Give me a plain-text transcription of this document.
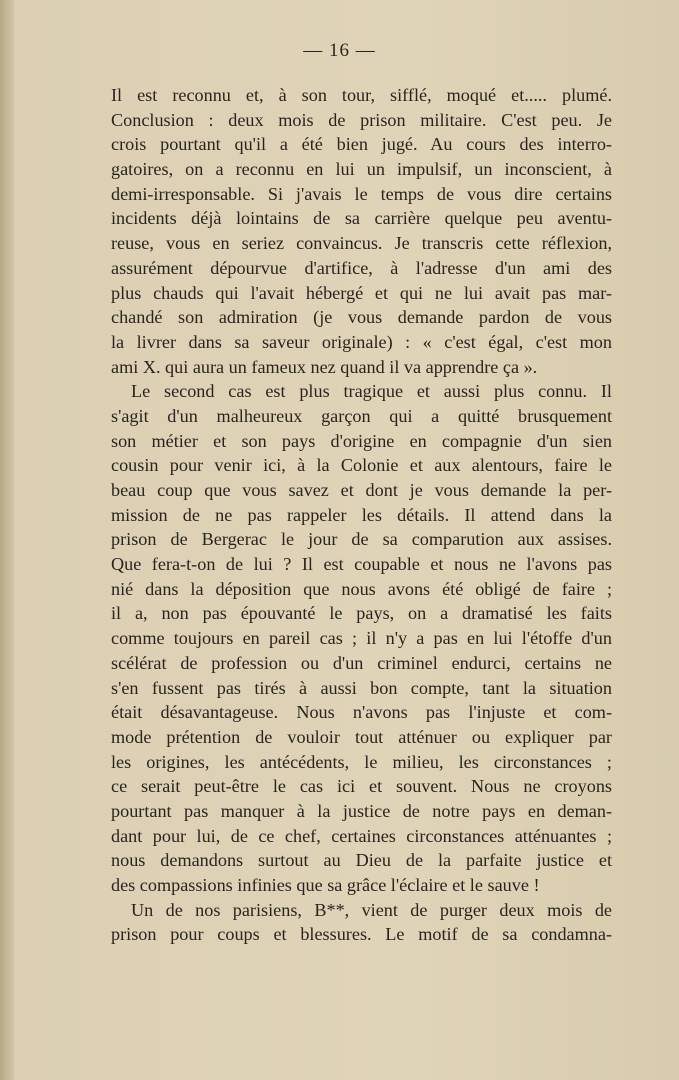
— 16 —
Il est reconnu et, à son tour, sifflé, moqué et..... plumé.
Conclusion : deux mois de prison militaire. C'est peu. Je
crois pourtant qu'il a été bien jugé. Au cours des interro-
gatoires, on a reconnu en lui un impulsif, un inconscient, à
demi-irresponsable. Si j'avais le temps de vous dire certains
incidents déjà lointains de sa carrière quelque peu aventu-
reuse, vous en seriez convaincus. Je transcris cette réflexion,
assurément dépourvue d'artifice, à l'adresse d'un ami des
plus chauds qui l'avait hébergé et qui ne lui avait pas mar-
chandé son admiration (je vous demande pardon de vous
la livrer dans sa saveur originale) : « c'est égal, c'est mon
ami X. qui aura un fameux nez quand il va apprendre ça ».
Le second cas est plus tragique et aussi plus connu. Il
s'agit d'un malheureux garçon qui a quitté brusquement
son métier et son pays d'origine en compagnie d'un sien
cousin pour venir ici, à la Colonie et aux alentours, faire le
beau coup que vous savez et dont je vous demande la per-
mission de ne pas rappeler les détails. Il attend dans la
prison de Bergerac le jour de sa comparution aux assises.
Que fera-t-on de lui ? Il est coupable et nous ne l'avons pas
nié dans la déposition que nous avons été obligé de faire ;
il a, non pas épouvanté le pays, on a dramatisé les faits
comme toujours en pareil cas ; il n'y a pas en lui l'étoffe d'un
scélérat de profession ou d'un criminel endurci, certains ne
s'en fussent pas tirés à aussi bon compte, tant la situation
était désavantageuse. Nous n'avons pas l'injuste et com-
mode prétention de vouloir tout atténuer ou expliquer par
les origines, les antécédents, le milieu, les circonstances ;
ce serait peut-être le cas ici et souvent. Nous ne croyons
pourtant pas manquer à la justice de notre pays en deman-
dant pour lui, de ce chef, certaines circonstances atténuantes ;
nous demandons surtout au Dieu de la parfaite justice et
des compassions infinies que sa grâce l'éclaire et le sauve !
Un de nos parisiens, B**, vient de purger deux mois de
prison pour coups et blessures. Le motif de sa condamna-
